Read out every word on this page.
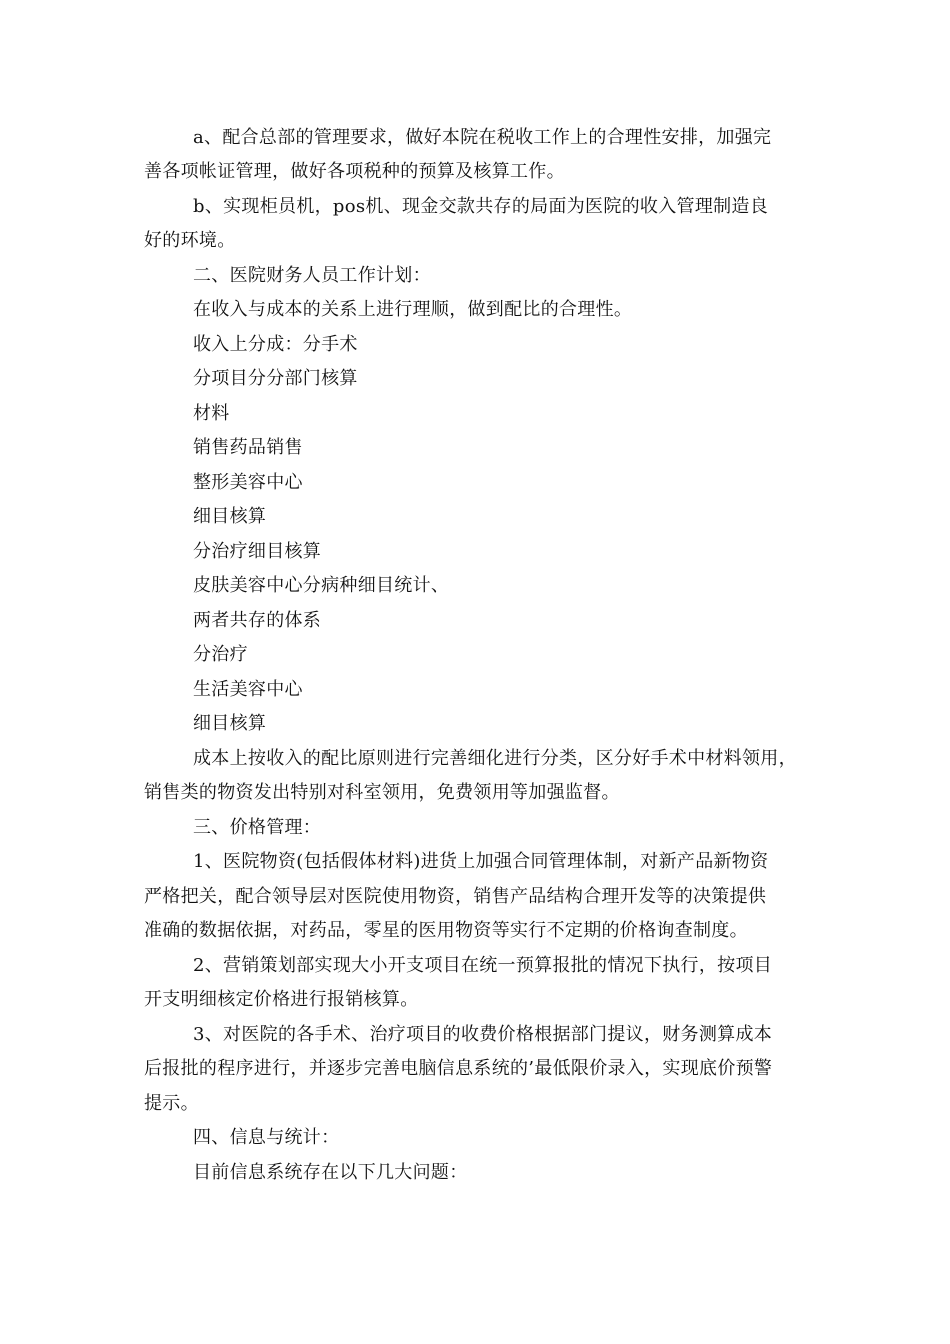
a、配合总部的管理要求，做好本院在税收工作上的合理性安排，加强完
善各项帐证管理，做好各项税种的预算及核算工作。
b、实现柜员机，pos机、现金交款共存的局面为医院的收入管理制造良
好的环境。
二、医院财务人员工作计划：
在收入与成本的关系上进行理顺，做到配比的合理性。
收入上分成：分手术
分项目分分部门核算
材料
销售药品销售
整形美容中心
细目核算
分治疗细目核算
皮肤美容中心分病种细目统计、
两者共存的体系
分治疗
生活美容中心
细目核算
成本上按收入的配比原则进行完善细化进行分类，区分好手术中材料领用，
销售类的物资发出特别对科室领用，免费领用等加强监督。
三、价格管理：
1、医院物资(包括假体材料)进货上加强合同管理体制，对新产品新物资
严格把关，配合领导层对医院使用物资，销售产品结构合理开发等的决策提供
准确的数据依据，对药品，零星的医用物资等实行不定期的价格询查制度。
2、营销策划部实现大小开支项目在统一预算报批的情况下执行，按项目
开支明细核定价格进行报销核算。
3、对医院的各手术、治疗项目的收费价格根据部门提议，财务测算成本
后报批的程序进行，并逐步完善电脑信息系统的’最低限价录入，实现底价预警
提示。
四、信息与统计：
目前信息系统存在以下几大问题：
